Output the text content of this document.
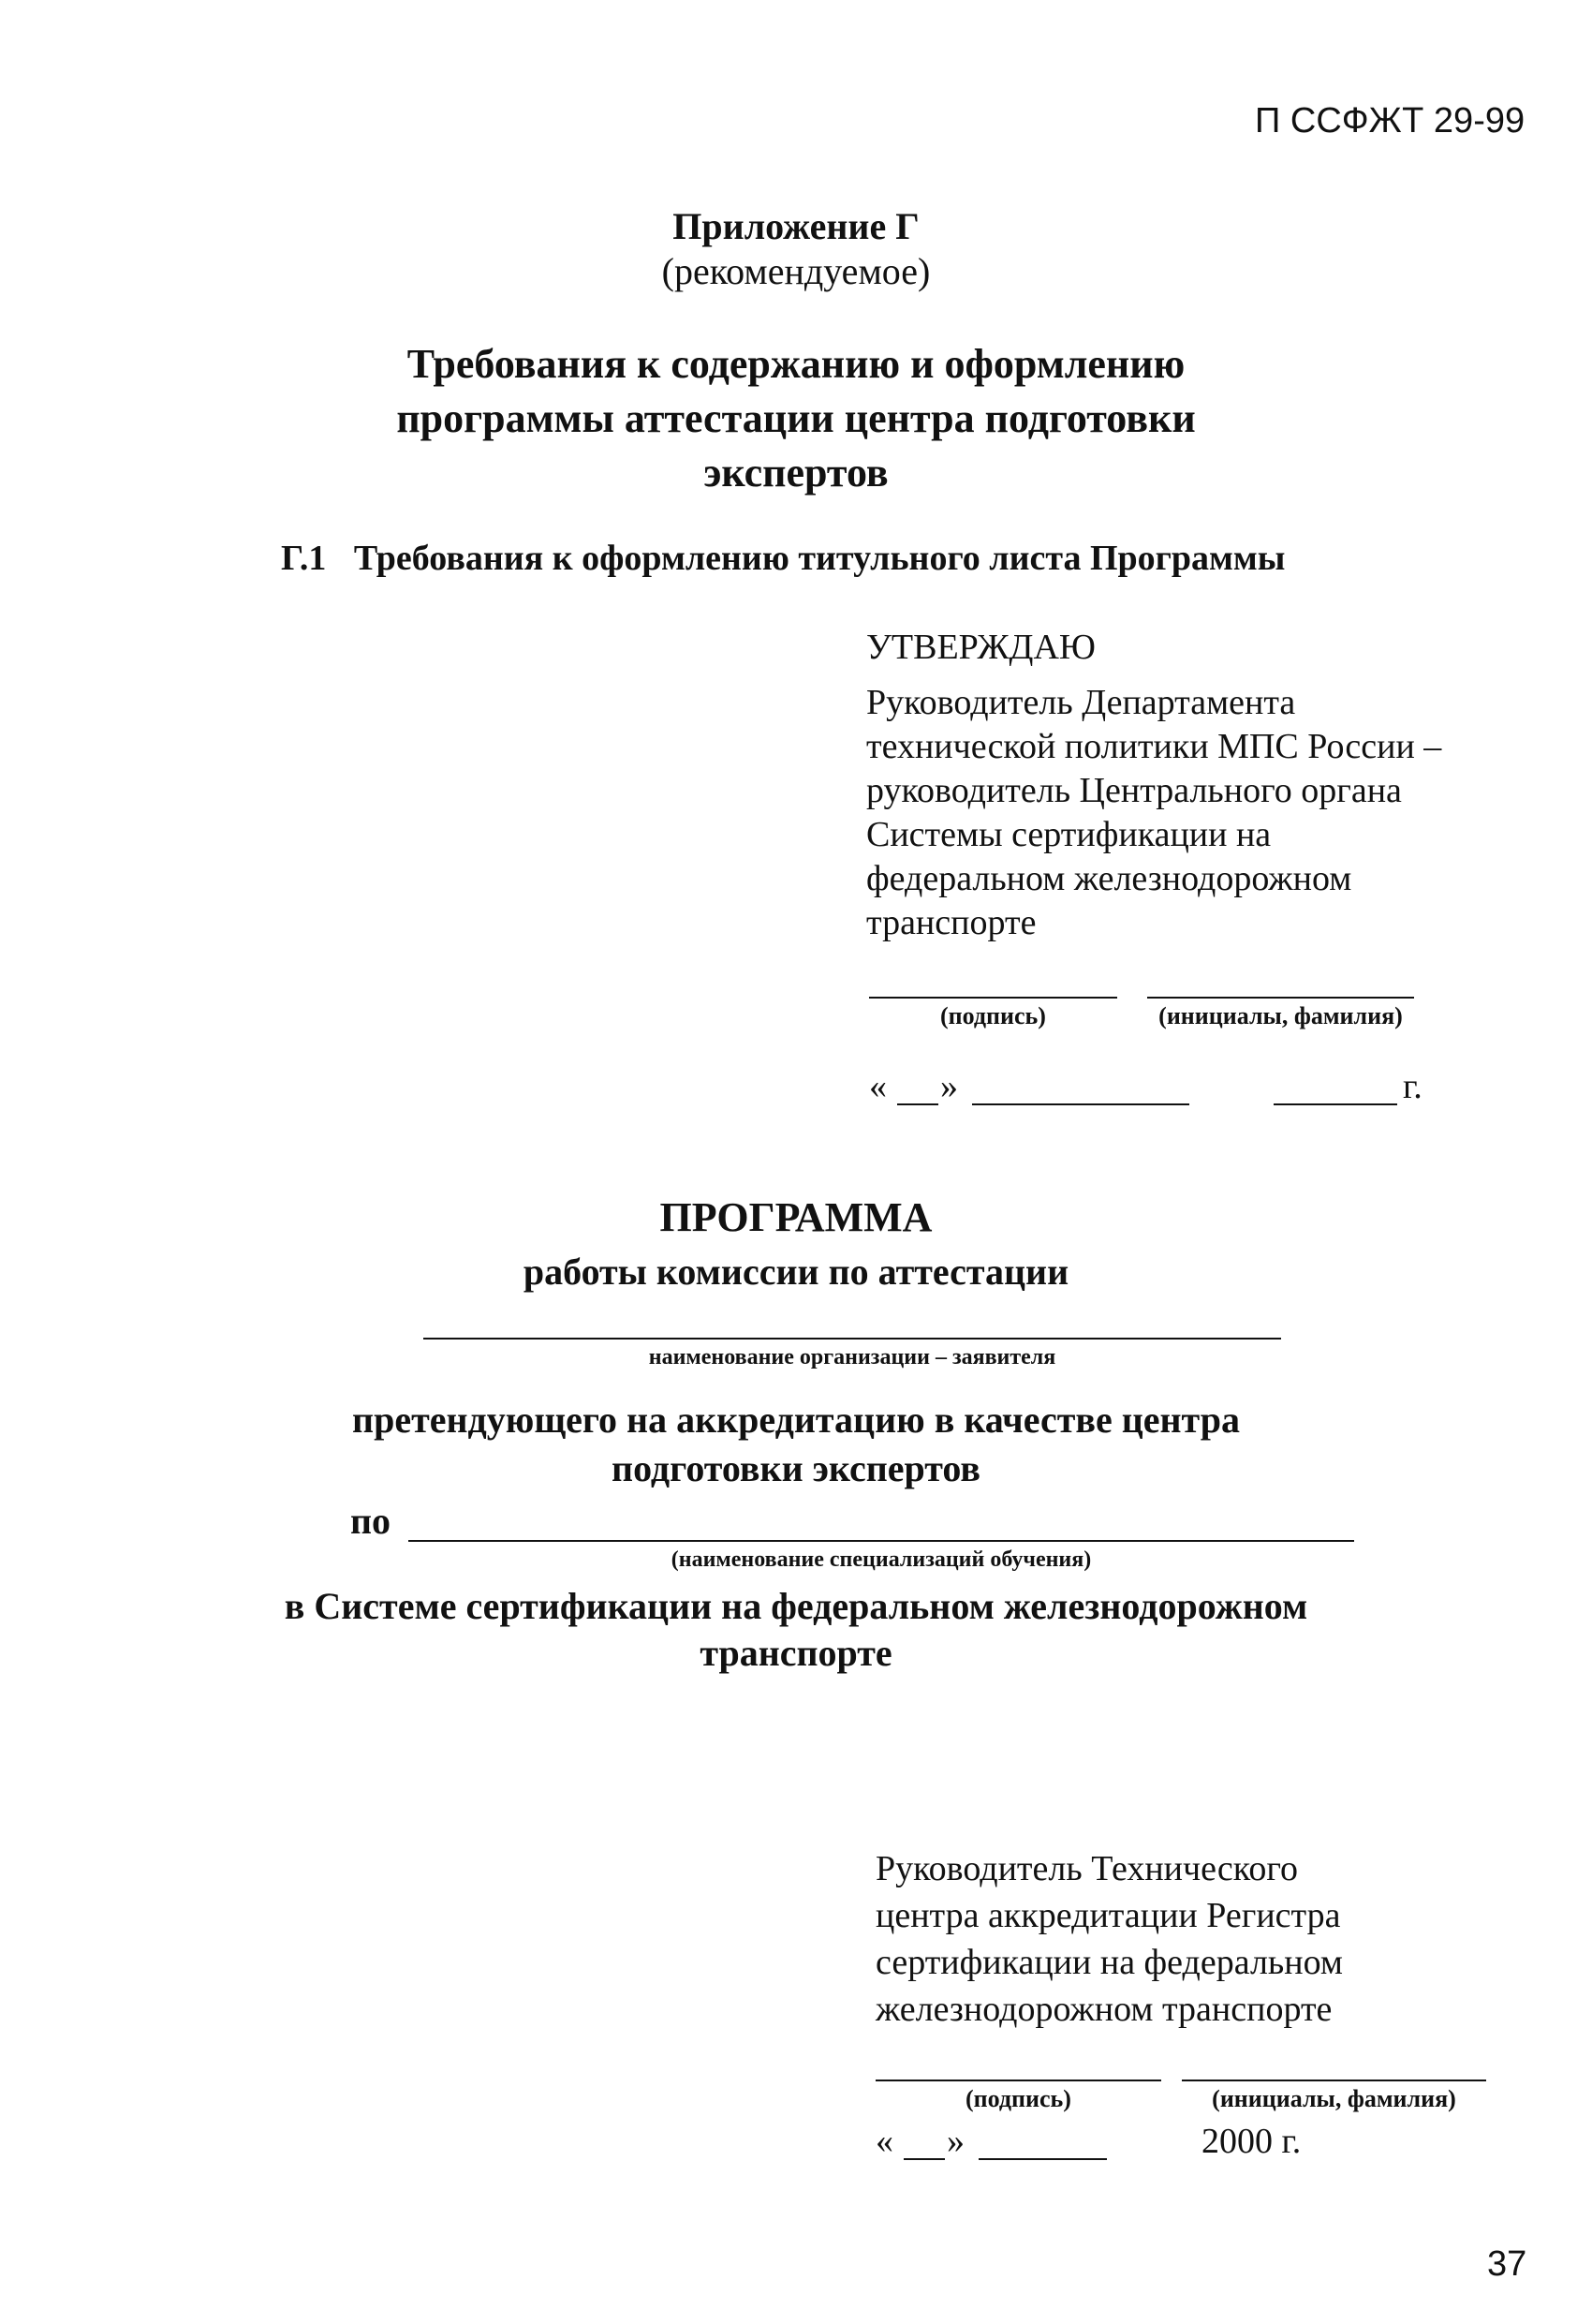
П ССФЖТ 29-99
Приложение Г
(рекомендуемое)
Требования к содержанию и оформлению
программы аттестации центра подготовки
экспертов
Г.1 Требования к оформлению титульного листа Программы
УТВЕРЖДАЮ
Руководитель Департамента
технической политики МПС России –
руководитель Центрального органа
Системы сертификации на
федеральном железнодорожном
транспорте
(подпись)	(инициалы, фамилия)
« »	г.
ПРОГРАММА
работы комиссии по аттестации
наименование организации – заявителя
претендующего на аккредитацию в качестве центра
подготовки экспертов
по
(наименование специализаций обучения)
в Системе сертификации на федеральном железнодорожном
транспорте
Руководитель Технического
центра аккредитации Регистра
сертификации на федеральном
железнодорожном транспорте
(подпись)	(инициалы, фамилия)
« »	2000 г.
37
